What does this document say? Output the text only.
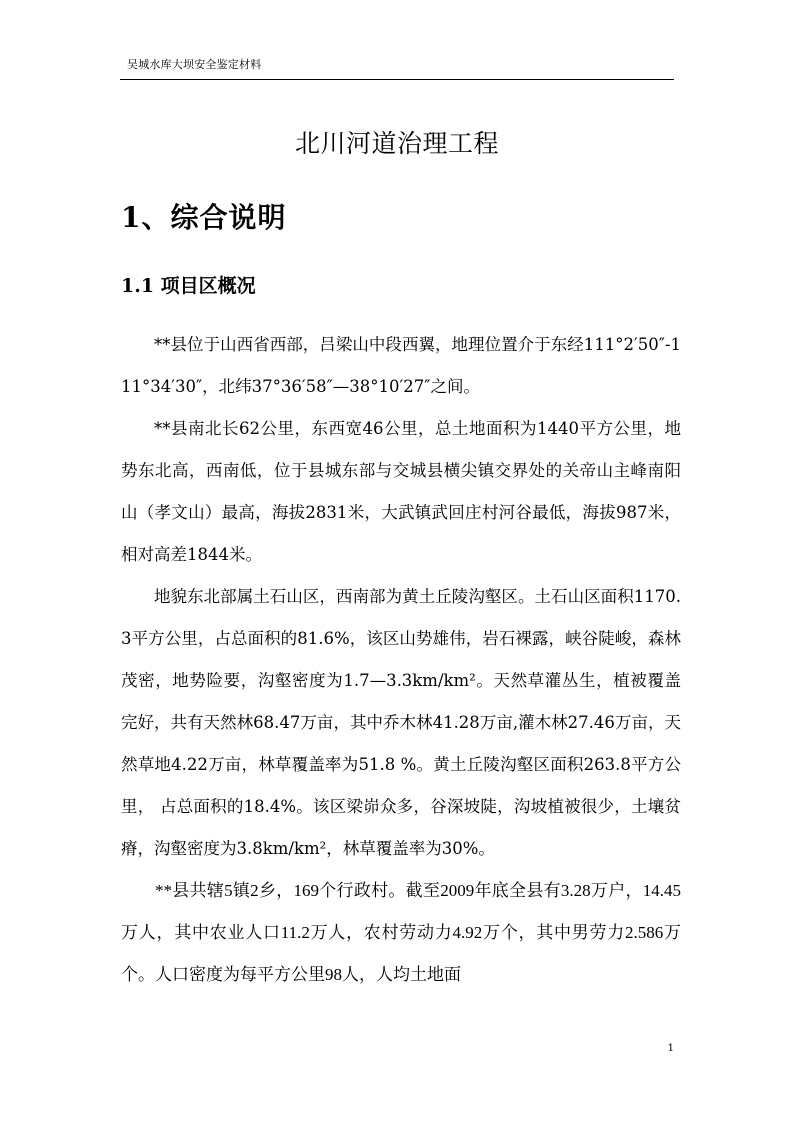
吴城水库大坝安全鉴定材料
北川河道治理工程
1、综合说明
1.1 项目区概况

**县位于山西省西部，吕梁山中段西翼，地理位置介于东经111°2′50″-111°34′30″，北纬37°36′58″—38°10′27″之间。

**县南北长62公里，东西宽46公里，总土地面积为1440平方公里，地势东北高，西南低，位于县城东部与交城县横尖镇交界处的关帝山主峰南阳山（孝文山）最高，海拔2831米，大武镇武回庄村河谷最低，海拔987米，相对高差1844米。

地貌东北部属土石山区，西南部为黄土丘陵沟壑区。土石山区面积1170.3平方公里，占总面积的81.6%，该区山势雄伟，岩石裸露，峡谷陡峻，森林茂密，地势险要，沟壑密度为1.7—3.3km/km²。天然草灌丛生，植被覆盖完好，共有天然林68.47万亩，其中乔木林41.28万亩,灌木林27.46万亩，天然草地4.22万亩，林草覆盖率为51.8 %。黄土丘陵沟壑区面积263.8平方公里， 占总面积的18.4%。该区梁峁众多，谷深坡陡，沟坡植被很少，土壤贫瘠，沟壑密度为3.8km/km²，林草覆盖率为30%。

**县共辖5镇2乡，169个行政村。截至2009年底全县有3.28万户，14.45万人，其中农业人口11.2万人，农村劳动力4.92万个，其中男劳力2.586万个。人口密度为每平方公里98人，人均土地面

1
